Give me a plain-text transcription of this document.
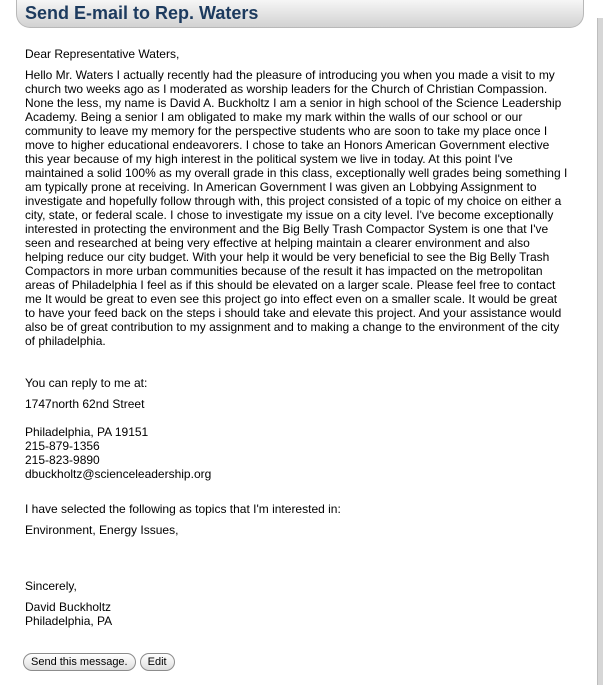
Send E-mail to Rep. Waters

Dear Representative Waters,

Hello Mr. Waters I actually recently had the pleasure of introducing you when you made a visit to my church two weeks ago as I moderated as worship leaders for the Church of Christian Compassion. None the less, my name is David A. Buckholtz I am a senior in high school of the Science Leadership Academy. Being a senior I am obligated to make my mark within the walls of our school or our community to leave my memory for the perspective students who are soon to take my place once I move to higher educational endeavorers. I chose to take an Honors American Government elective this year because of my high interest in the political system we live in today. At this point I've maintained a solid 100% as my overall grade in this class, exceptionally well grades being something I am typically prone at receiving. In American Government I was given an Lobbying Assignment to investigate and hopefully follow through with, this project consisted of a topic of my choice on either a city, state, or federal scale. I chose to investigate my issue on a city level. I've become exceptionally interested in protecting the environment and the Big Belly Trash Compactor System is one that I've seen and researched at being very effective at helping maintain a clearer environment and also helping reduce our city budget. With your help it would be very beneficial to see the Big Belly Trash Compactors in more urban communities because of the result it has impacted on the metropolitan areas of Philadelphia I feel as if this should be elevated on a larger scale. Please feel free to contact me It would be great to even see this project go into effect even on a smaller scale. It would be great to have your feed back on the steps i should take and elevate this project. And your assistance would also be of great contribution to my assignment and to making a change to the environment of the city of philadelphia.

You can reply to me at:

1747north 62nd Street

Philadelphia, PA 19151

215-879-1356

215-823-9890

dbuckholtz@scienceleadership.org

I have selected the following as topics that I'm interested in:

Environment, Energy Issues,

Sincerely,

David Buckholtz

Philadelphia, PA

Send this message.	Edit
